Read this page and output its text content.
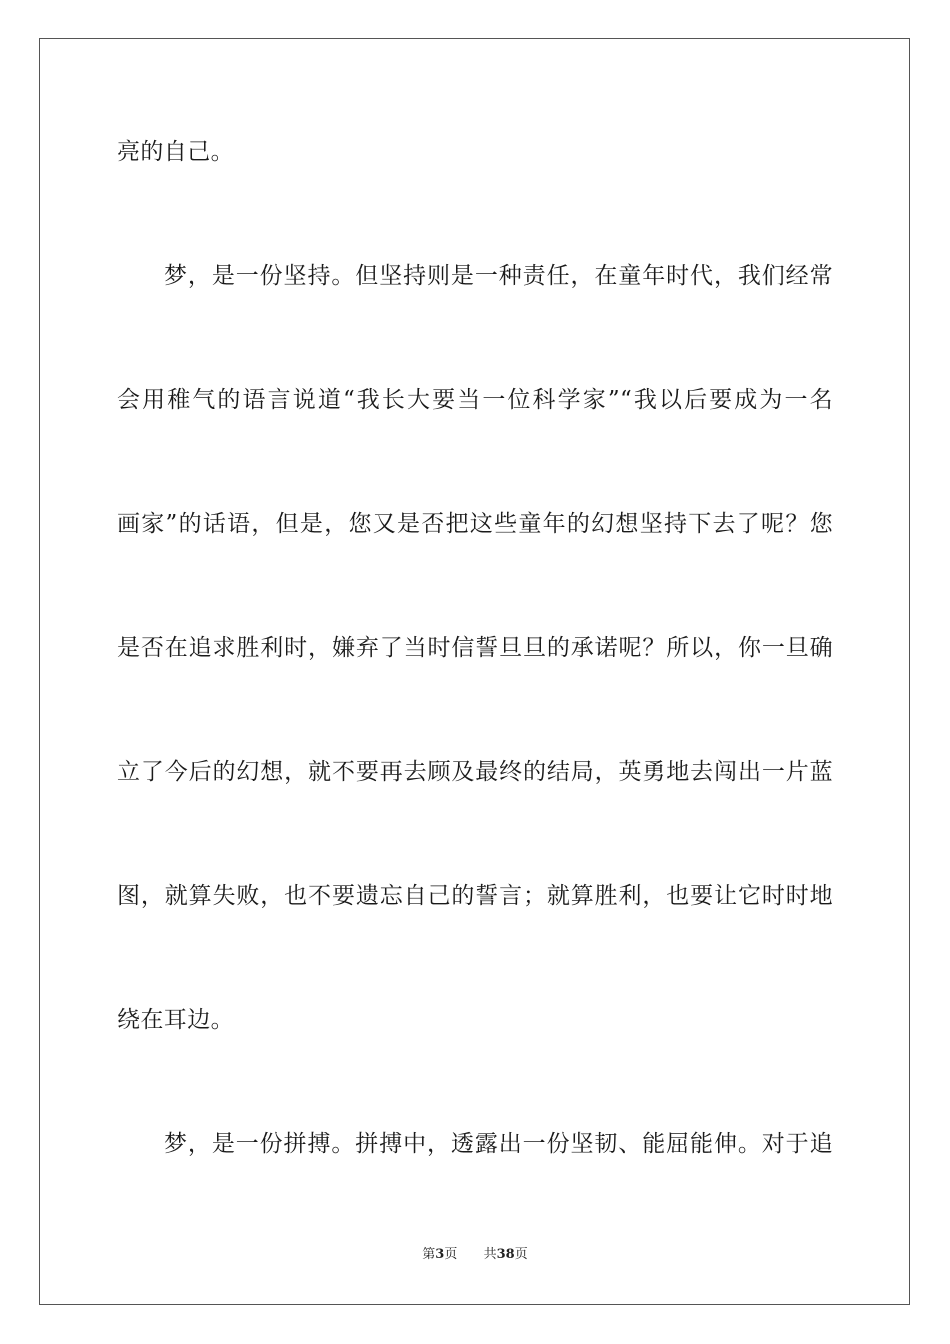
亮的自己。
梦，是一份坚持。但坚持则是一种责任，在童年时代，我们经常
会用稚气的语言说道“我长大要当一位科学家”“我以后要成为一名
画家”的话语，但是，您又是否把这些童年的幻想坚持下去了呢？您
是否在追求胜利时，嫌弃了当时信誓旦旦的承诺呢？所以，你一旦确
立了今后的幻想，就不要再去顾及最终的结局，英勇地去闯出一片蓝
图，就算失败，也不要遗忘自己的誓言；就算胜利，也要让它时时地
绕在耳边。
梦，是一份拼搏。拼搏中，透露出一份坚韧、能屈能伸。对于追
第3页 共38页
